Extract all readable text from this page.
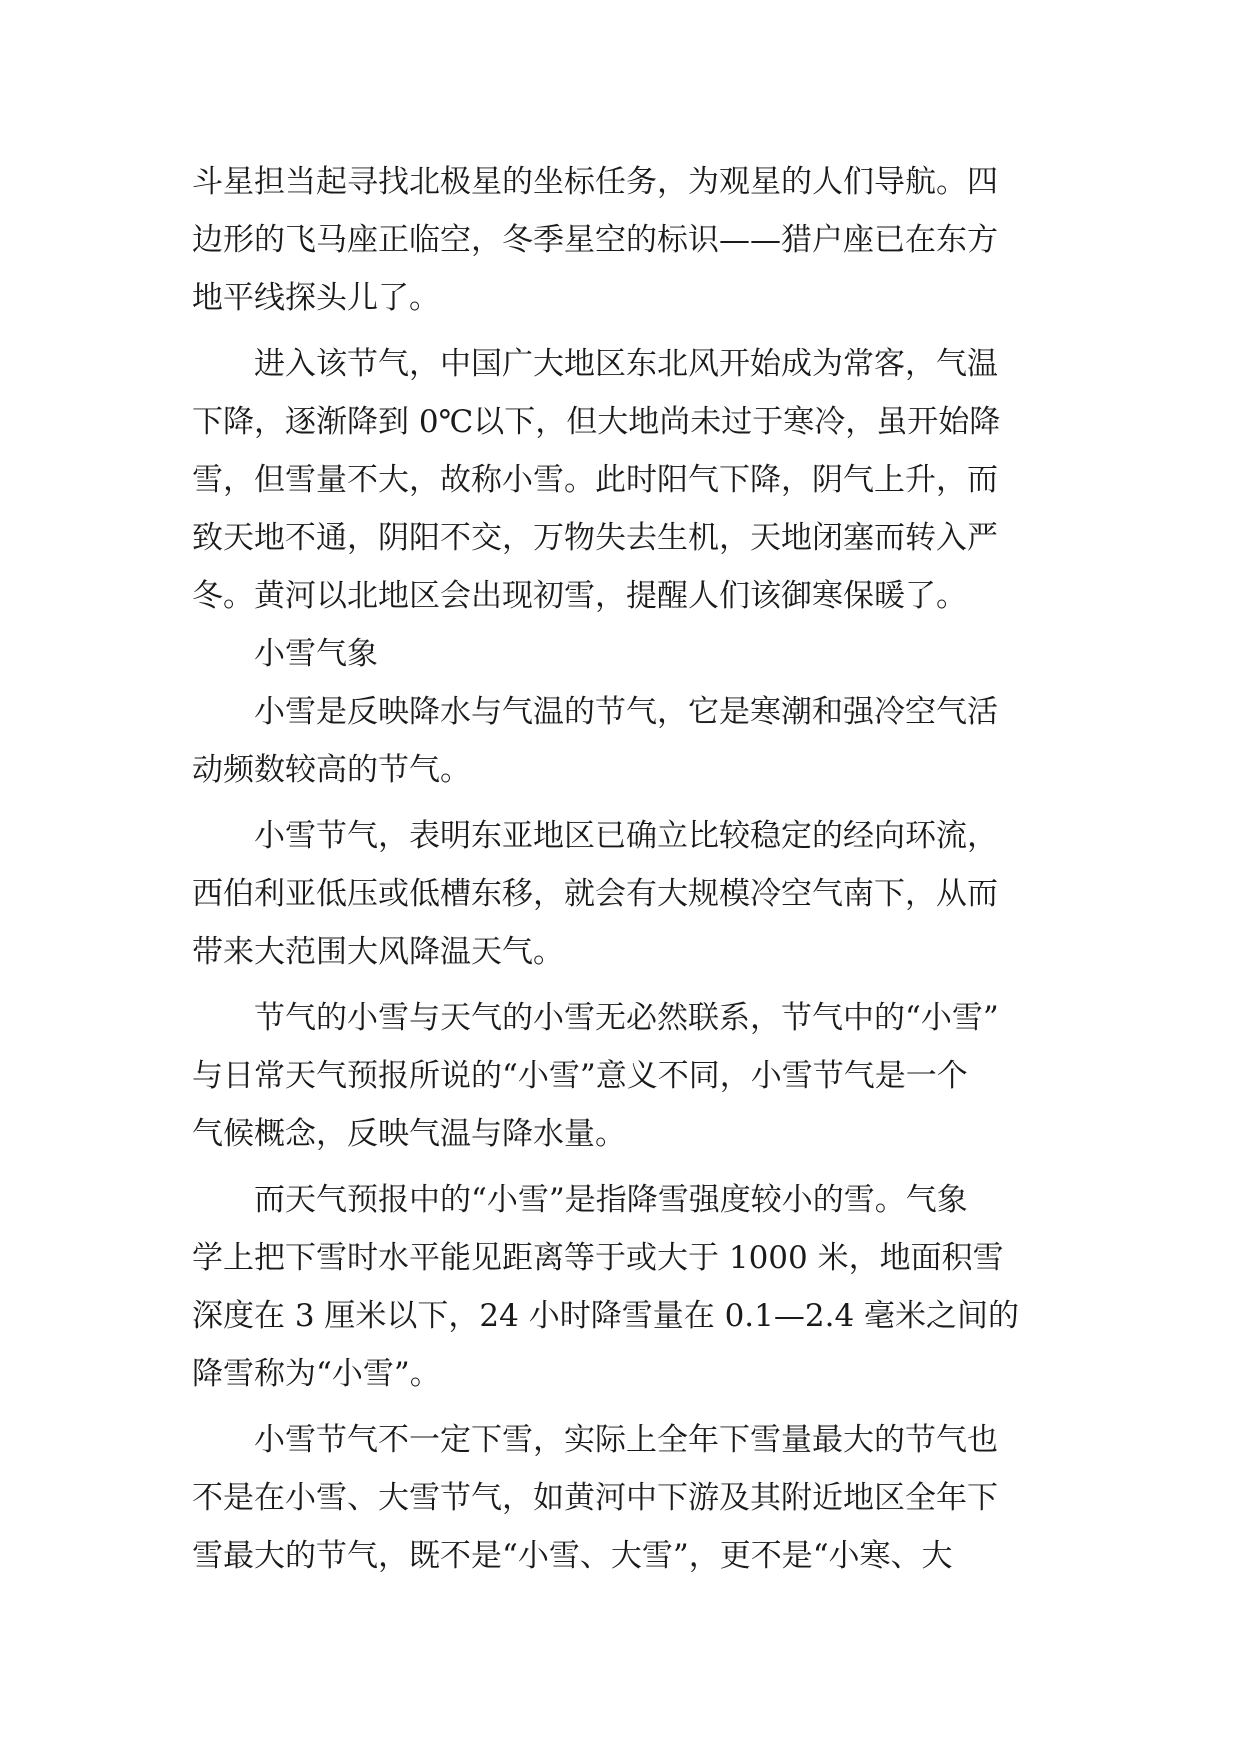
斗星担当起寻找北极星的坐标任务，为观星的人们导航。四
边形的飞马座正临空，冬季星空的标识——猎户座已在东方
地平线探头儿了。
进入该节气，中国广大地区东北风开始成为常客，气温
下降，逐渐降到 0℃以下，但大地尚未过于寒冷，虽开始降
雪，但雪量不大，故称小雪。此时阳气下降，阴气上升，而
致天地不通，阴阳不交，万物失去生机，天地闭塞而转入严
冬。黄河以北地区会出现初雪，提醒人们该御寒保暖了。
小雪气象
小雪是反映降水与气温的节气，它是寒潮和强冷空气活
动频数较高的节气。
小雪节气，表明东亚地区已确立比较稳定的经向环流，
西伯利亚低压或低槽东移，就会有大规模冷空气南下，从而
带来大范围大风降温天气。
节气的小雪与天气的小雪无必然联系，节气中的“小雪”
与日常天气预报所说的“小雪”意义不同，小雪节气是一个
气候概念，反映气温与降水量。
而天气预报中的“小雪”是指降雪强度较小的雪。气象
学上把下雪时水平能见距离等于或大于 1000 米，地面积雪
深度在 3 厘米以下，24 小时降雪量在 0.1—2.4 毫米之间的
降雪称为“小雪”。
小雪节气不一定下雪，实际上全年下雪量最大的节气也
不是在小雪、大雪节气，如黄河中下游及其附近地区全年下
雪最大的节气，既不是“小雪、大雪”，更不是“小寒、大
